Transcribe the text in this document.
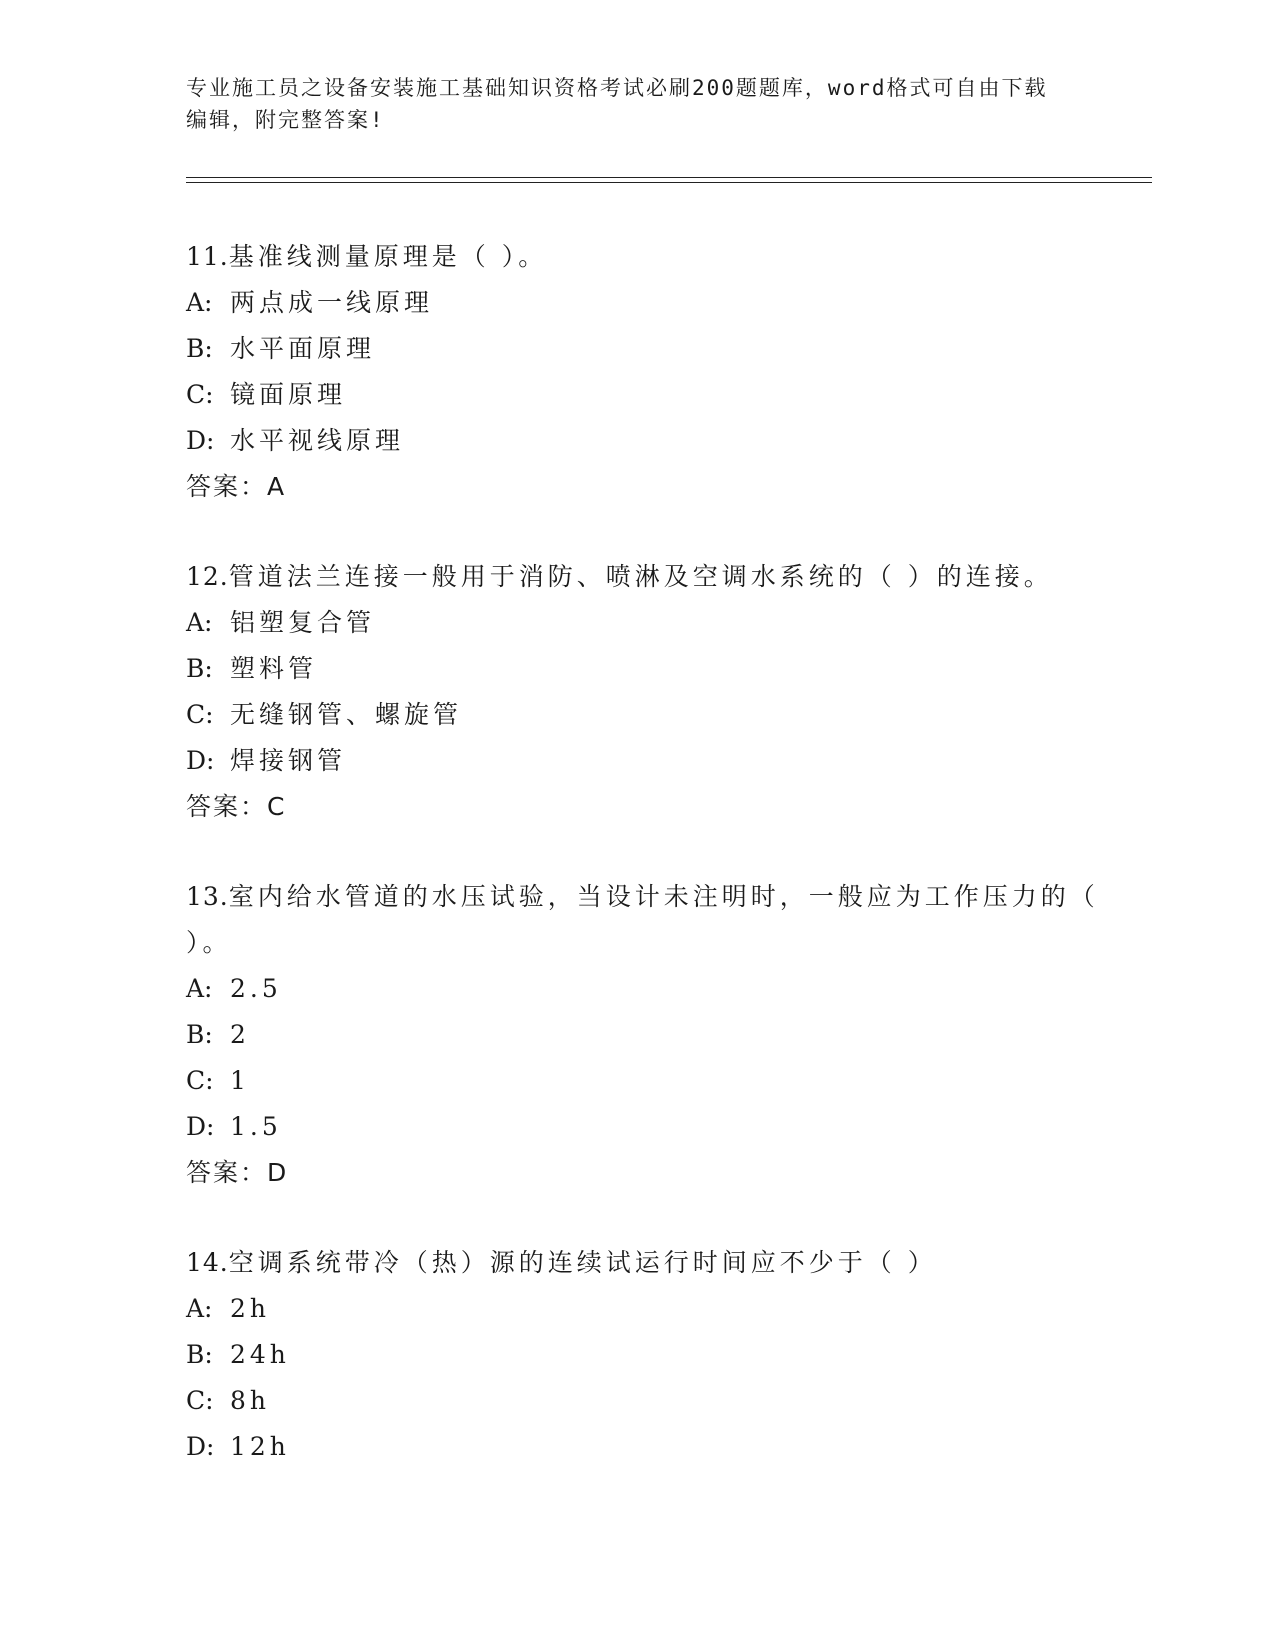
专业施工员之设备安装施工基础知识资格考试必刷200题题库，word格式可自由下载编辑，附完整答案!
11.基准线测量原理是（ ）。
A: 两点成一线原理
B: 水平面原理
C: 镜面原理
D: 水平视线原理
答案：A
12.管道法兰连接一般用于消防、喷淋及空调水系统的（ ）的连接。
A: 铝塑复合管
B: 塑料管
C: 无缝钢管、螺旋管
D: 焊接钢管
答案：C
13.室内给水管道的水压试验，当设计未注明时，一般应为工作压力的（ ）。
A: 2.5
B: 2
C: 1
D: 1.5
答案：D
14.空调系统带冷（热）源的连续试运行时间应不少于（ ）
A: 2h
B: 24h
C: 8h
D: 12h
